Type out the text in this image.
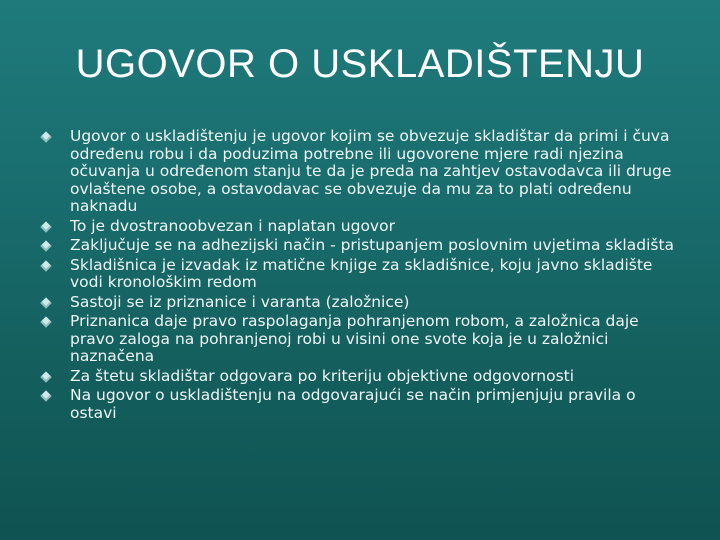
UGOVOR O USKLADIŠTENJU
Ugovor o uskladištenju je ugovor kojim se obvezuje skladištar da primi i čuva određenu robu i da poduzima potrebne ili ugovorene mjere radi njezina očuvanja u određenom stanju te da je preda na zahtjev ostavodavca ili druge ovlaštene osobe, a ostavodavac se obvezuje da mu za to plati određenu naknadu
To je dvostranoobvezan i naplatan ugovor
Zaključuje se na adhezijski način - pristupanjem poslovnim uvjetima skladišta
Skladišnica je izvadak iz matične knjige za skladišnice, koju javno skladište vodi kronološkim redom
Sastoji se iz priznanice i varanta (založnice)
Priznanica daje pravo raspolaganja pohranjenom robom, a založnica daje pravo zaloga na pohranjenoj robi u visini one svote koja je u založnici naznačena
Za štetu skladištar odgovara po kriteriju objektivne odgovornosti
Na ugovor o uskladištenju na odgovarajući se način primjenjuju pravila o ostavi
